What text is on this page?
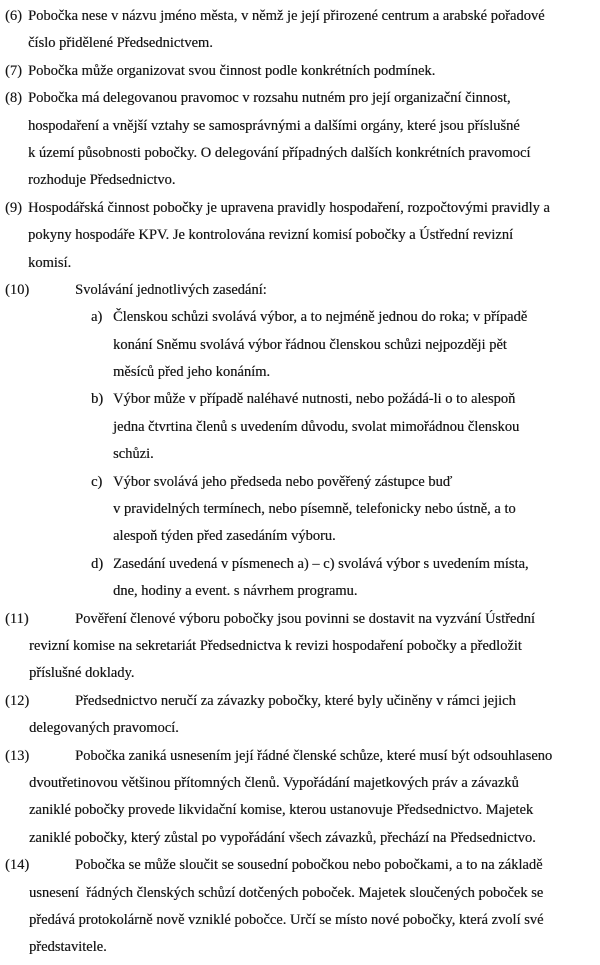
(6) Pobočka nese v názvu jméno města, v němž je její přirozené centrum a arabské pořadové
číslo přidělené Předsednictvem.
(7) Pobočka může organizovat svou činnost podle konkrétních podmínek.
(8) Pobočka má delegovanou pravomoc v rozsahu nutném pro její organizační činnost,
hospodaření a vnější vztahy se samosprávnými a dalšími orgány, které jsou příslušné
k území působnosti pobočky. O delegování případných dalších konkrétních pravomocí
rozhoduje Předsednictvo.
(9) Hospodářská činnost pobočky je upravena pravidly hospodaření, rozpočtovými pravidly a
pokyny hospodáře KPV. Je kontrolována revizní komisí pobočky a Ústřední revizní
komisí.
(10)	Svolávání jednotlivých zasedání:
a) Členskou schůzi svolává výbor, a to nejméně jednou do roka; v případě
konání Sněmu svolává výbor řádnou členskou schůzi nejpozději pět
měsíců před jeho konáním.
b) Výbor může v případě naléhavé nutnosti, nebo požádá-li o to alespoň
jedna čtvrtina členů s uvedením důvodu, svolat mimořádnou členskou
schůzi.
c) Výbor svolává jeho předseda nebo pověřený zástupce buď
v pravidelných termínech, nebo písemně, telefonicky nebo ústně, a to
alespoň týden před zasedáním výboru.
d) Zasedání uvedená v písmenech a) – c) svolává výbor s uvedením místa,
dne, hodiny a event. s návrhem programu.
(11)	Pověření členové výboru pobočky jsou povinni se dostavit na vyzvání Ústřední
revizní komise na sekretariát Předsednictva k revizi hospodaření pobočky a předložit
příslušné doklady.
(12)	Předsednictvo neručí za závazky pobočky, které byly učiněny v rámci jejich
delegovaných pravomocí.
(13)	Pobočka zaniká usnesením její řádné členské schůze, které musí být odsouhlaseno
dvoutřetinovou většinou přítomných členů. Vypořádání majetkových práv a závazků
zaniklé pobočky provede likvidační komise, kterou ustanovuje Předsednictvo. Majetek
zaniklé pobočky, který zůstal po vypořádání všech závazků, přechází na Předsednictvo.
(14)	Pobočka se může sloučit se sousední pobočkou nebo pobočkami, a to na základě
usnesení  řádných členských schůzí dotčených poboček. Majetek sloučených poboček se
předává protokolárně nově vzniklé pobočce. Určí se místo nové pobočky, která zvolí své
představitele.
